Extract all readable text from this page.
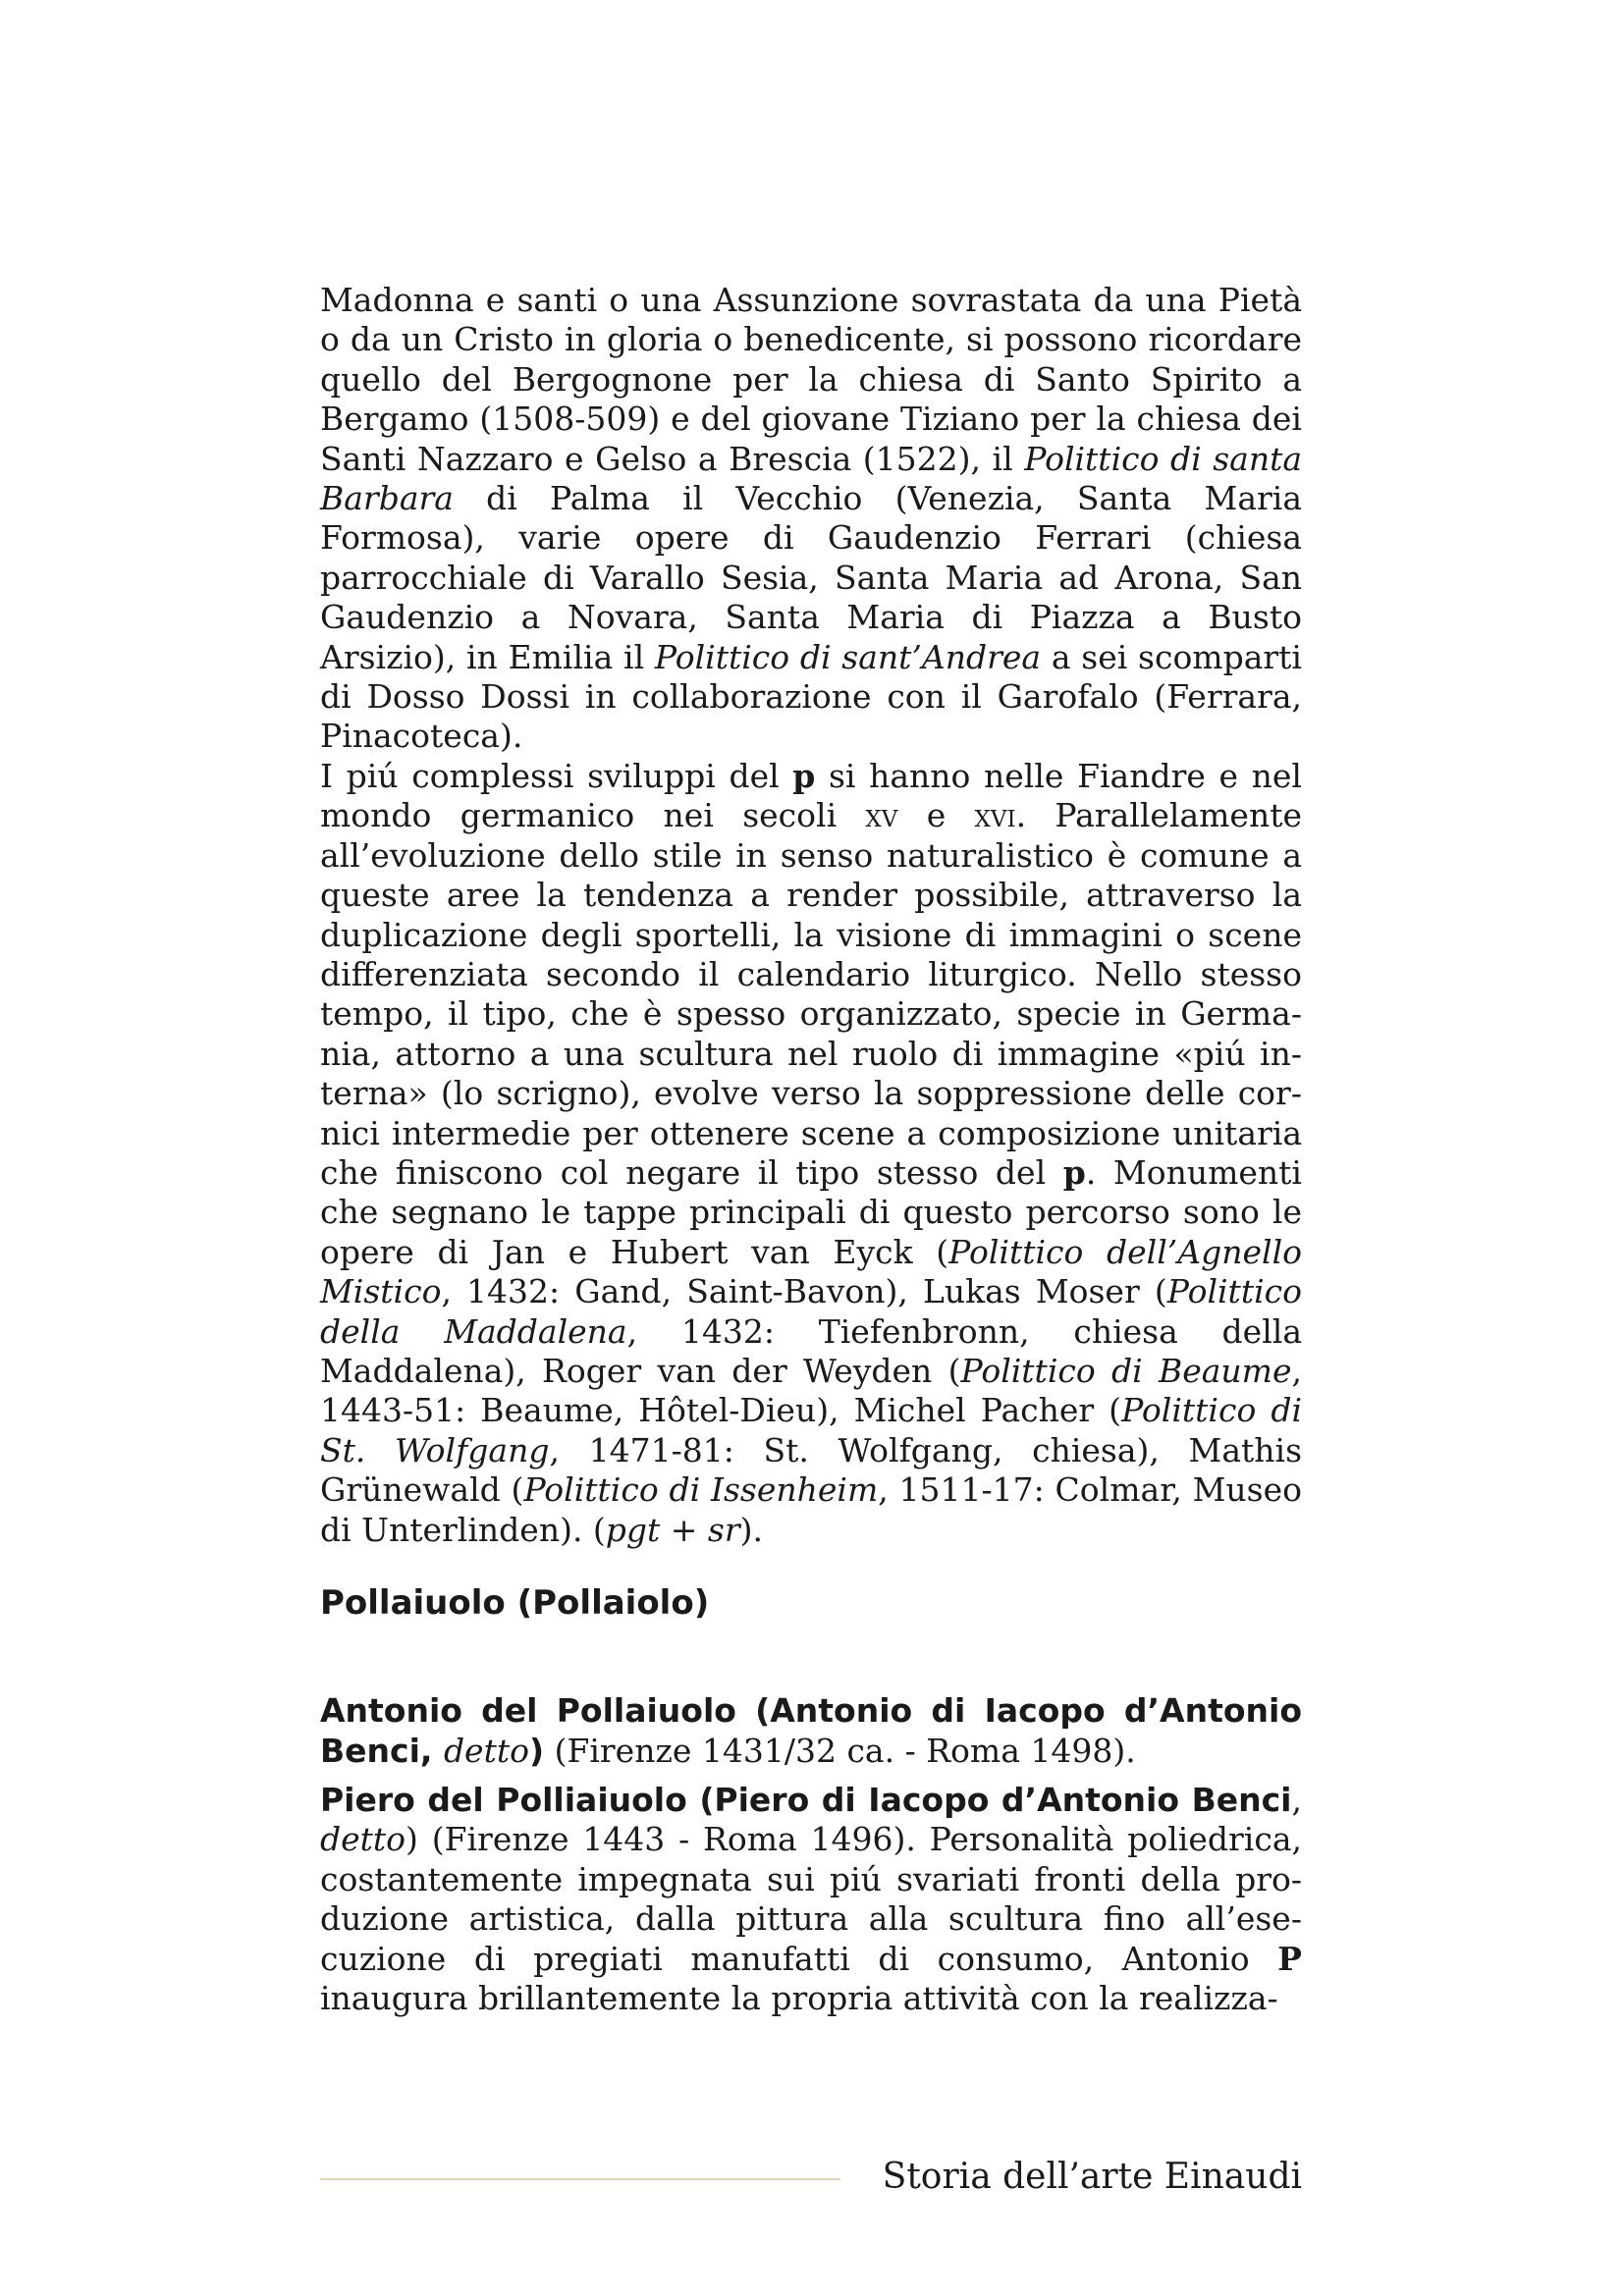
Madonna e santi o una Assunzione sovrastata da una Pietà o da un Cristo in gloria o benedicente, si possono ricordare quello del Bergognone per la chiesa di Santo Spirito a Bergamo (1508-509) e del giovane Tiziano per la chiesa dei Santi Nazzaro e Gelso a Brescia (1522), il Polittico di santa Barbara di Palma il Vecchio (Venezia, Santa Maria Formosa), varie opere di Gaudenzio Ferrari (chiesa parrocchiale di Varallo Sesia, Santa Maria ad Arona, San Gaudenzio a Novara, Santa Maria di Piazza a Busto Arsizio), in Emilia il Polittico di sant’Andrea a sei scomparti di Dosso Dossi in collaborazione con il Garofalo (Ferrara, Pinacoteca).

I piú complessi sviluppi del p si hanno nelle Fiandre e nel mondo germanico nei secoli xv e xvi. Parallelamente all’evoluzione dello stile in senso naturalistico è comune a queste aree la tendenza a render possibile, attraverso la duplicazione degli sportelli, la visione di immagini o scene differenziata secondo il calendario liturgico. Nello stesso tempo, il tipo, che è spesso organizzato, specie in Germania, attorno a una scultura nel ruolo di immagine «piú interna» (lo scrigno), evolve verso la soppressione delle cornici intermedie per ottenere scene a composizione unitaria che finiscono col negare il tipo stesso del p. Monumenti che segnano le tappe principali di questo percorso sono le opere di Jan e Hubert van Eyck (Polittico dell’Agnello Mistico, 1432: Gand, Saint-Bavon), Lukas Moser (Polittico della Maddalena, 1432: Tiefenbronn, chiesa della Maddalena), Roger van der Weyden (Polittico di Beaume, 1443-51: Beaume, Hôtel-Dieu), Michel Pacher (Polittico di St. Wolfgang, 1471-81: St. Wolfgang, chiesa), Mathis Grünewald (Polittico di Issenheim, 1511-17: Colmar, Museo di Unterlinden). (pgt + sr).

Pollaiuolo (Pollaiolo)

Antonio del Pollaiuolo (Antonio di Iacopo d’Antonio Benci, detto) (Firenze 1431/32 ca. - Roma 1498).

Piero del Polliaiuolo (Piero di Iacopo d’Antonio Benci, detto) (Firenze 1443 - Roma 1496). Personalità poliedrica, costantemente impegnata sui piú svariati fronti della produzione artistica, dalla pittura alla scultura fino all’esecuzione di pregiati manufatti di consumo, Antonio P inaugura brillantemente la propria attività con la realizza-

Storia dell’arte Einaudi
